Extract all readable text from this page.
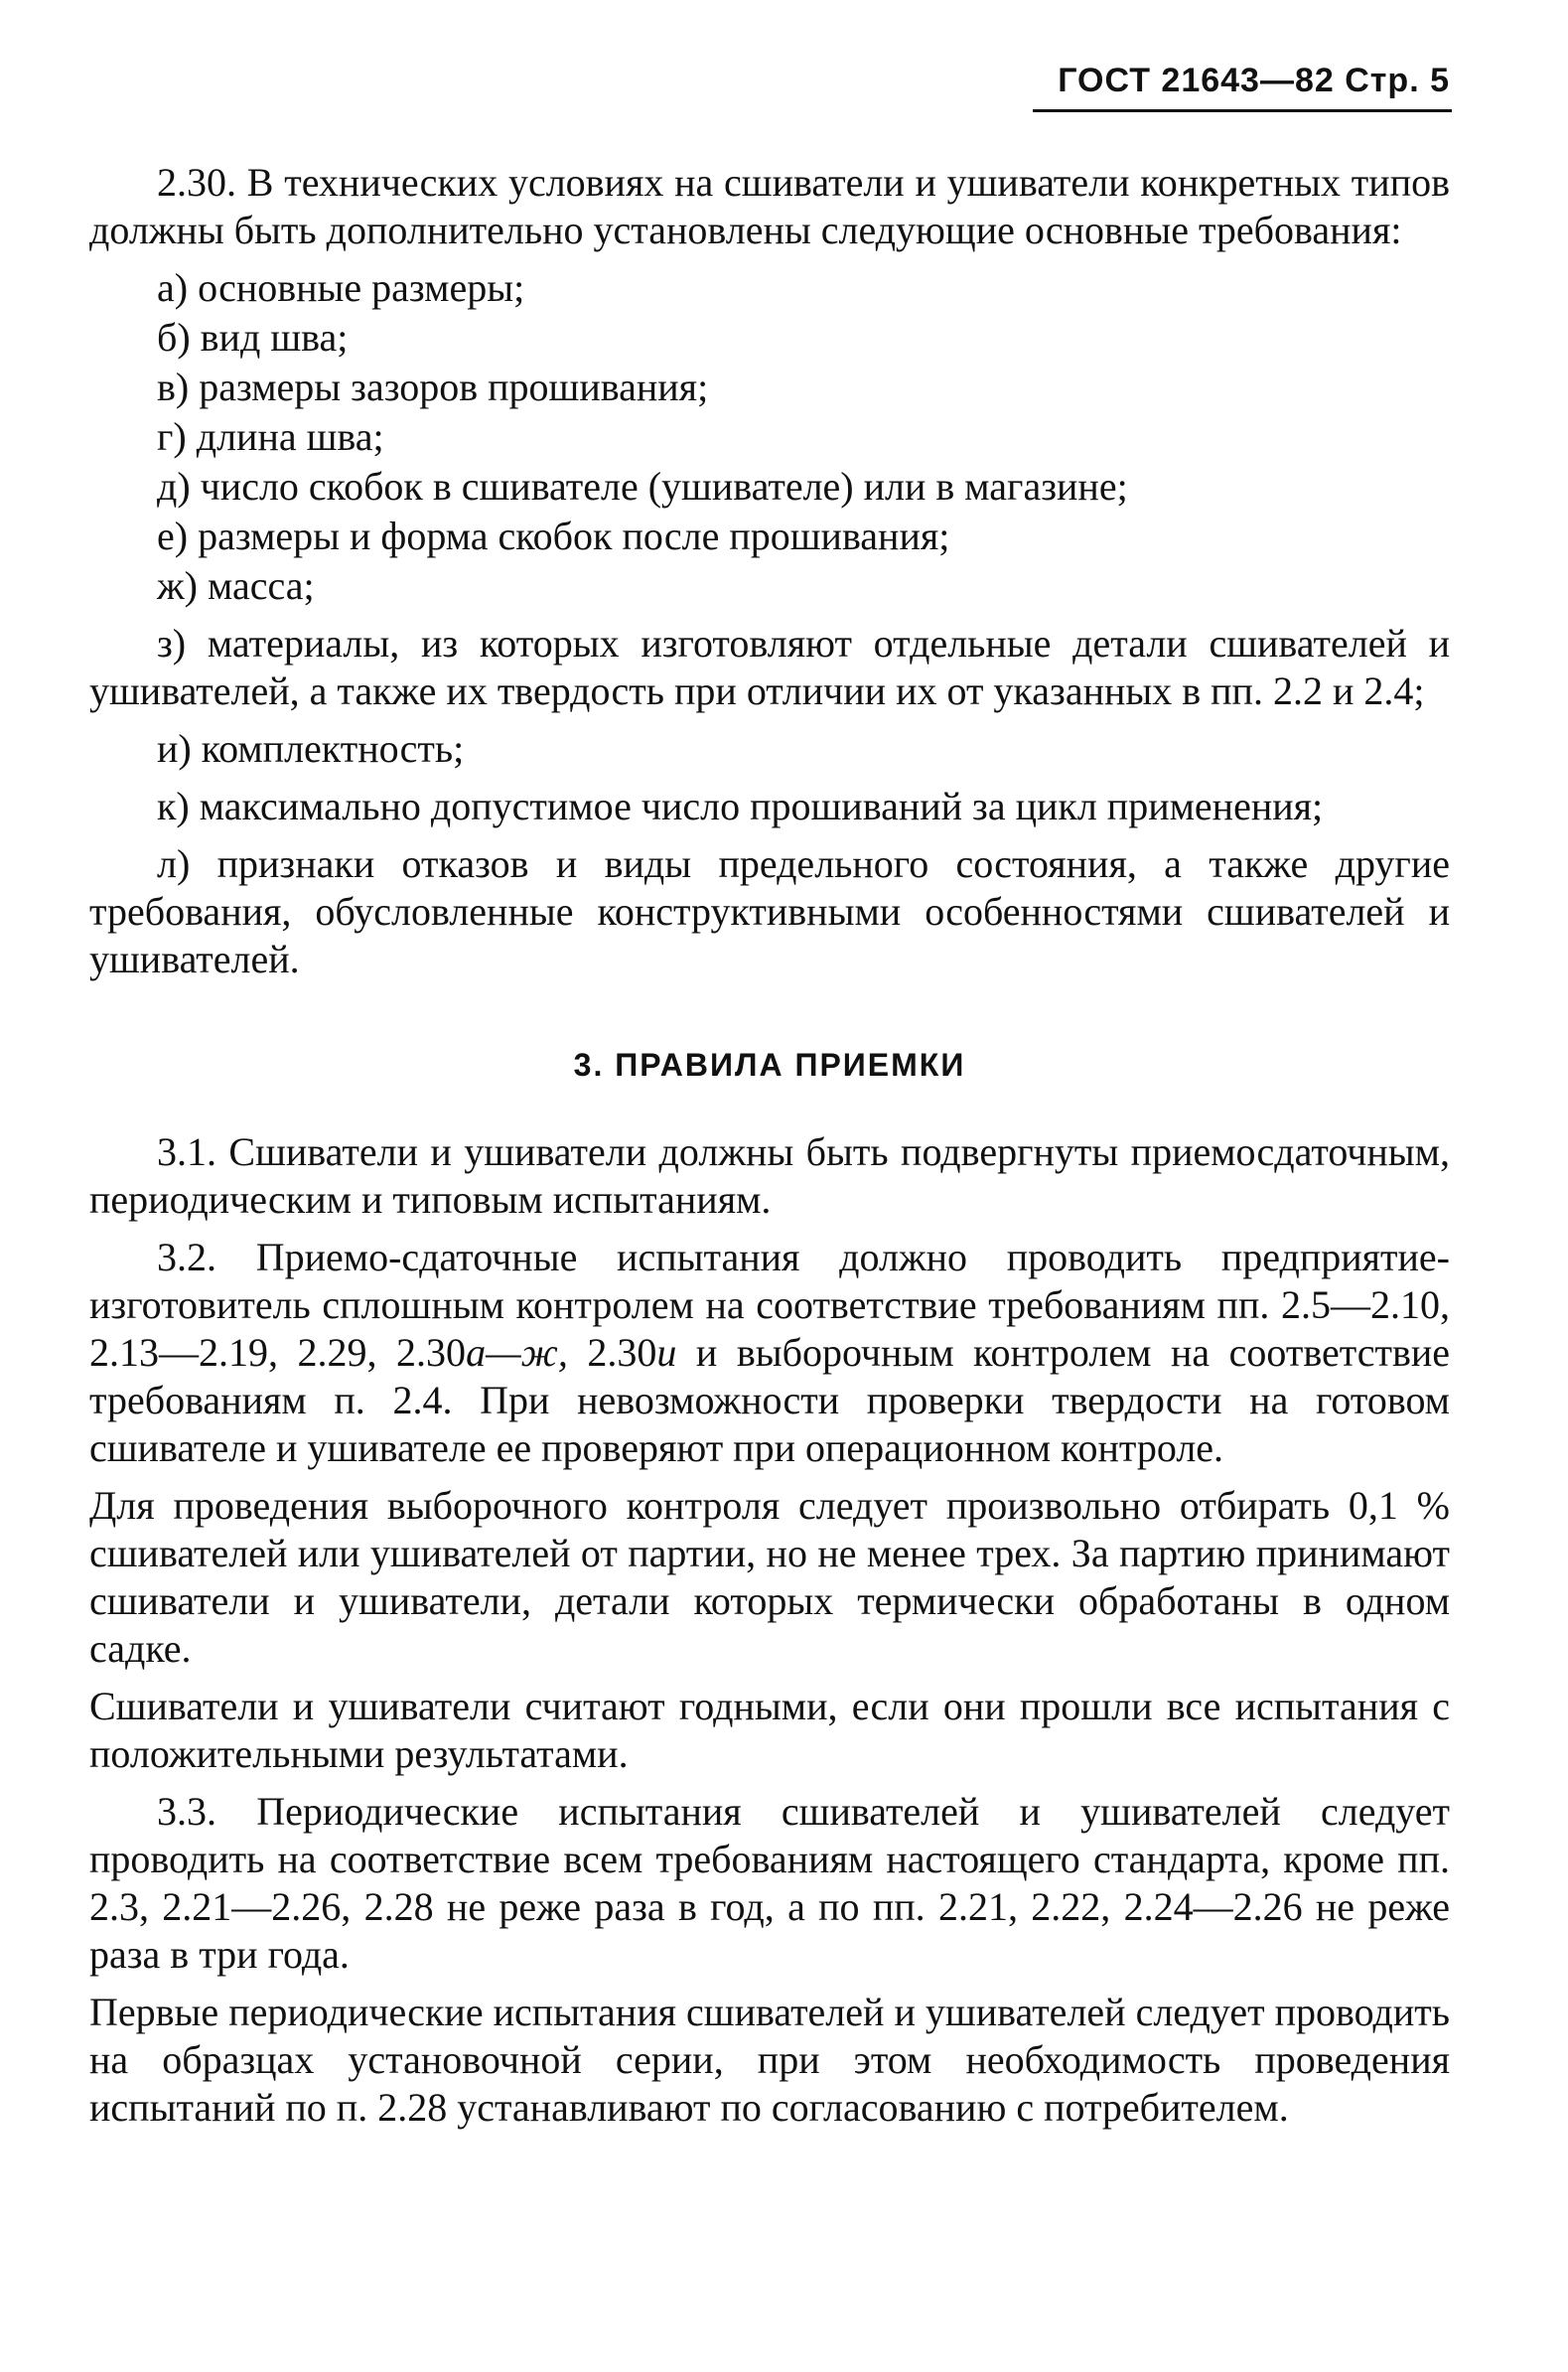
ГОСТ 21643—82 Стр. 5

2.30. В технических условиях на сшиватели и ушиватели конкретных типов должны быть дополнительно установлены следующие основные требования:

а) основные размеры;

б) вид шва;

в) размеры зазоров прошивания;

г) длина шва;

д) число скобок в сшивателе (ушивателе) или в магазине;

е) размеры и форма скобок после прошивания;

ж) масса;

з) материалы, из которых изготовляют отдельные детали сшивателей и ушивателей, а также их твердость при отличии их от указанных в пп. 2.2 и 2.4;

и) комплектность;

к) максимально допустимое число прошиваний за цикл применения;

л) признаки отказов и виды предельного состояния, а также другие требования, обусловленные конструктивными особенностями сшивателей и ушивателей.

3. ПРАВИЛА ПРИЕМКИ

3.1. Сшиватели и ушиватели должны быть подвергнуты приемосдаточным, периодическим и типовым испытаниям.

3.2. Приемо-сдаточные испытания должно проводить предприятие-изготовитель сплошным контролем на соответствие требованиям пп. 2.5—2.10, 2.13—2.19, 2.29, 2.30а—ж, 2.30и и выборочным контролем на соответствие требованиям п. 2.4. При невозможности проверки твердости на готовом сшивателе и ушивателе ее проверяют при операционном контроле.

Для проведения выборочного контроля следует произвольно отбирать 0,1 % сшивателей или ушивателей от партии, но не менее трех. За партию принимают сшиватели и ушиватели, детали которых термически обработаны в одном садке.

Сшиватели и ушиватели считают годными, если они прошли все испытания с положительными результатами.

3.3. Периодические испытания сшивателей и ушивателей следует проводить на соответствие всем требованиям настоящего стандарта, кроме пп. 2.3, 2.21—2.26, 2.28 не реже раза в год, а по пп. 2.21, 2.22, 2.24—2.26 не реже раза в три года.

Первые периодические испытания сшивателей и ушивателей следует проводить на образцах установочной серии, при этом необходимость проведения испытаний по п. 2.28 устанавливают по согласованию с потребителем.
